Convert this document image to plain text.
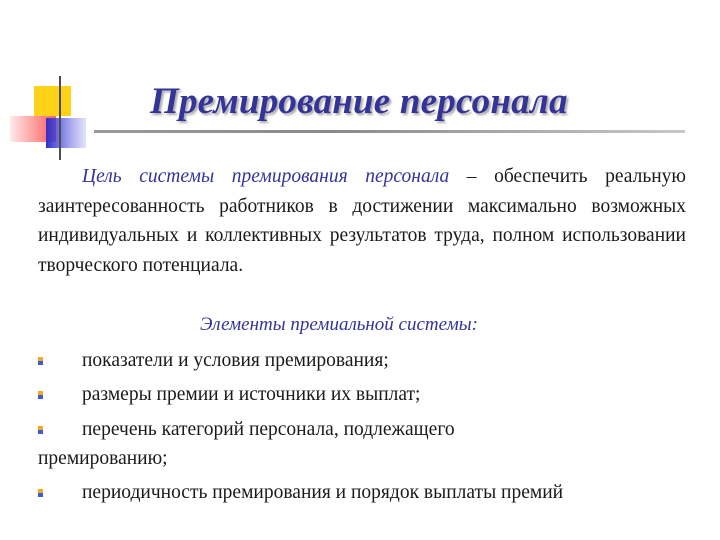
Премирование персонала

Цель системы премирования персонала – обеспечить реальную заинтересованность работников в достижении максимально возможных индивидуальных и коллективных результатов труда, полном использовании творческого потенциала.

Элементы премиальной системы:

показатели и условия премирования;
размеры премии и источники их выплат;
перечень категорий персонала, подлежащего
премированию;
периодичность премирования и порядок выплаты премий
